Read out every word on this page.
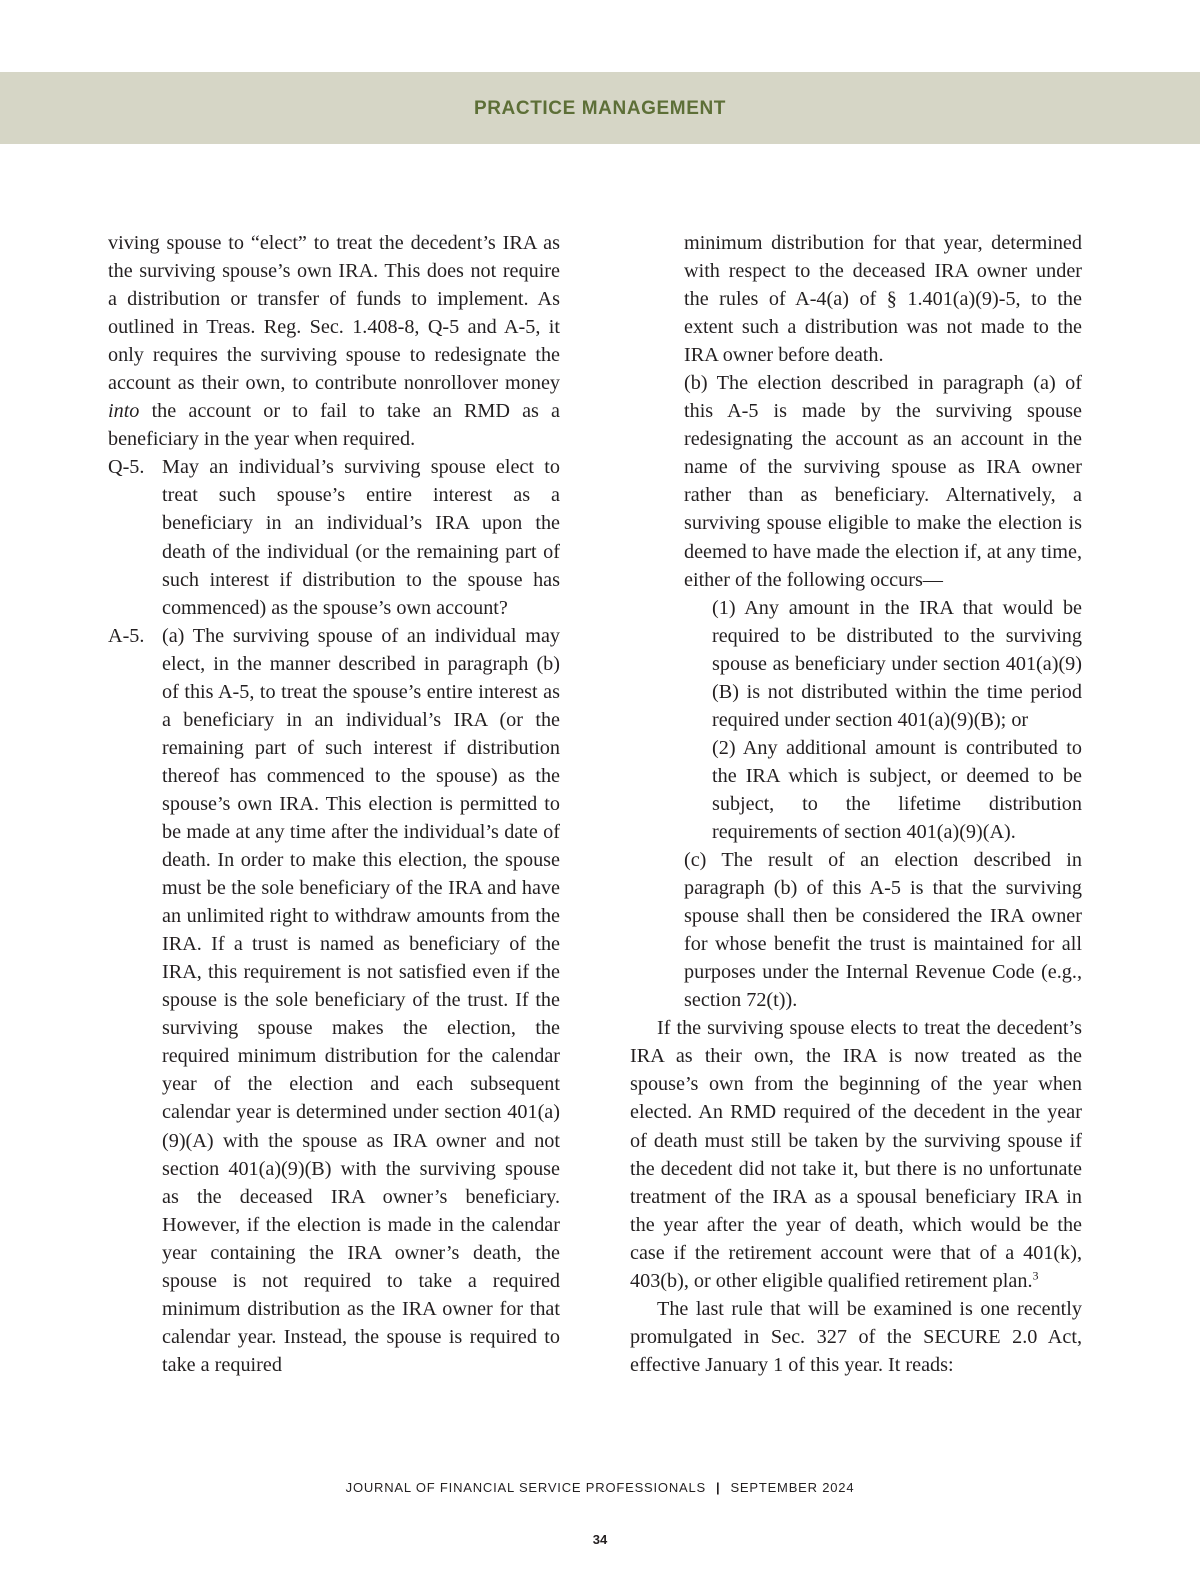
PRACTICE MANAGEMENT

viving spouse to “elect” to treat the decedent’s IRA as the surviving spouse’s own IRA. This does not require a distribution or transfer of funds to implement. As outlined in Treas. Reg. Sec. 1.408-8, Q-5 and A-5, it only requires the surviving spouse to redesignate the account as their own, to contribute nonrollover money into the account or to fail to take an RMD as a beneficiary in the year when required.

Q-5. May an individual’s surviving spouse elect to treat such spouse’s entire interest as a beneficiary in an individual’s IRA upon the death of the individual (or the remaining part of such interest if distribution to the spouse has commenced) as the spouse’s own account?
A-5. (a) The surviving spouse of an individual may elect, in the manner described in paragraph (b) of this A-5, to treat the spouse’s entire interest as a beneficiary in an individual’s IRA (or the remaining part of such interest if distribution thereof has commenced to the spouse) as the spouse’s own IRA. This election is permitted to be made at any time after the individual’s date of death. In order to make this election, the spouse must be the sole beneficiary of the IRA and have an unlimited right to withdraw amounts from the IRA. If a trust is named as beneficiary of the IRA, this requirement is not satisfied even if the spouse is the sole beneficiary of the trust. If the surviving spouse makes the election, the required minimum distribution for the calendar year of the election and each subsequent calendar year is determined under section 401(a)(9)(A) with the spouse as IRA owner and not section 401(a)(9)(B) with the surviving spouse as the deceased IRA owner’s beneficiary. However, if the election is made in the calendar year containing the IRA owner’s death, the spouse is not required to take a required minimum distribution as the IRA owner for that calendar year. Instead, the spouse is required to take a required
minimum distribution for that year, determined with respect to the deceased IRA owner under the rules of A-4(a) of § 1.401(a)(9)-5, to the extent such a distribution was not made to the IRA owner before death.
(b) The election described in paragraph (a) of this A-5 is made by the surviving spouse redesignating the account as an account in the name of the surviving spouse as IRA owner rather than as beneficiary. Alternatively, a surviving spouse eligible to make the election is deemed to have made the election if, at any time, either of the following occurs—
(1) Any amount in the IRA that would be required to be distributed to the surviving spouse as beneficiary under section 401(a)(9)(B) is not distributed within the time period required under section 401(a)(9)(B); or
(2) Any additional amount is contributed to the IRA which is subject, or deemed to be subject, to the lifetime distribution requirements of section 401(a)(9)(A).
(c) The result of an election described in paragraph (b) of this A-5 is that the surviving spouse shall then be considered the IRA owner for whose benefit the trust is maintained for all purposes under the Internal Revenue Code (e.g., section 72(t)).

If the surviving spouse elects to treat the decedent’s IRA as their own, the IRA is now treated as the spouse’s own from the beginning of the year when elected. An RMD required of the decedent in the year of death must still be taken by the surviving spouse if the decedent did not take it, but there is no unfortunate treatment of the IRA as a spousal beneficiary IRA in the year after the year of death, which would be the case if the retirement account were that of a 401(k), 403(b), or other eligible qualified retirement plan.$^3$

The last rule that will be examined is one recently promulgated in Sec. 327 of the SECURE 2.0 Act, effective January 1 of this year. It reads:

JOURNAL OF FINANCIAL SERVICE PROFESSIONALS | SEPTEMBER 2024
34
